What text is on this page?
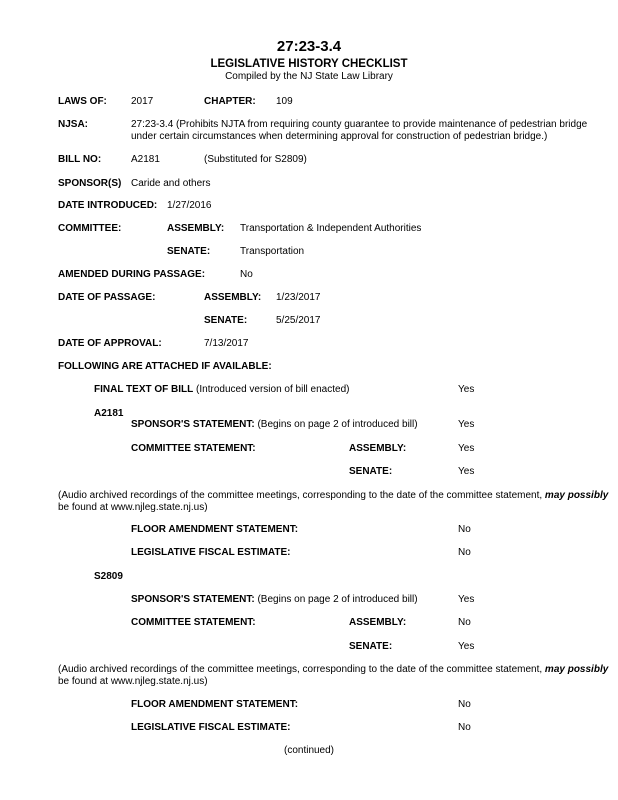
27:23-3.4
LEGISLATIVE HISTORY CHECKLIST
Compiled by the NJ State Law Library
LAWS OF: 2017	CHAPTER: 109
NJSA:	27:23-3.4 (Prohibits NJTA from requiring county guarantee to provide maintenance of pedestrian bridge
under certain circumstances when determining approval for construction of pedestrian bridge.)
BILL NO:	A2181	(Substituted for S2809)
SPONSOR(S) Caride and others
DATE INTRODUCED: 1/27/2016
COMMITTEE:	ASSEMBLY: Transportation & Independent Authorities
SENATE:	Transportation
AMENDED DURING PASSAGE:	No
DATE OF PASSAGE:	ASSEMBLY: 1/23/2017
SENATE:	5/25/2017
DATE OF APPROVAL:	7/13/2017
FOLLOWING ARE ATTACHED IF AVAILABLE:
FINAL TEXT OF BILL (Introduced version of bill enacted)	Yes
A2181
SPONSOR'S STATEMENT: (Begins on page 2 of introduced bill)	Yes
COMMITTEE STATEMENT:	ASSEMBLY:	Yes
SENATE:	Yes
(Audio archived recordings of the committee meetings, corresponding to the date of the committee statement, may possibly
be found at www.njleg.state.nj.us)
FLOOR AMENDMENT STATEMENT:	No
LEGISLATIVE FISCAL ESTIMATE:	No
S2809
SPONSOR'S STATEMENT: (Begins on page 2 of introduced bill)	Yes
COMMITTEE STATEMENT:	ASSEMBLY:	No
SENATE:	Yes
(Audio archived recordings of the committee meetings, corresponding to the date of the committee statement, may possibly
be found at www.njleg.state.nj.us)
FLOOR AMENDMENT STATEMENT:	No
LEGISLATIVE FISCAL ESTIMATE:	No
(continued)
